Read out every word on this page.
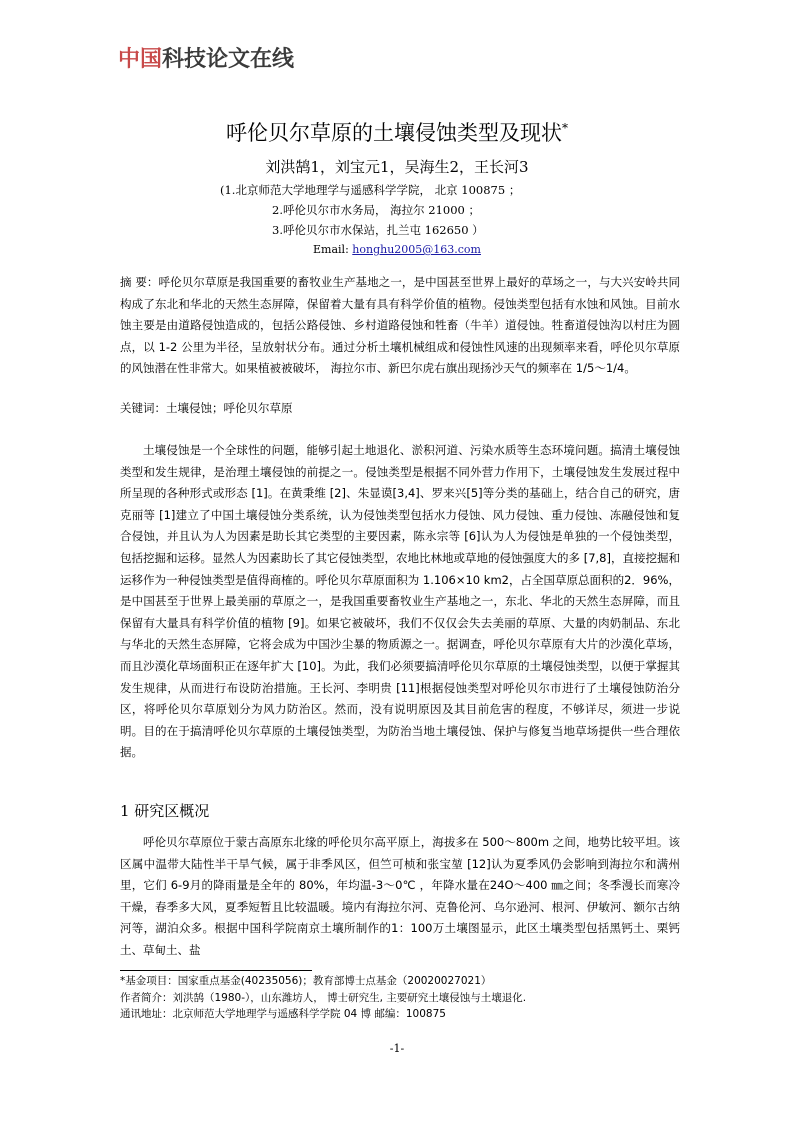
中国科技论文在线
呼伦贝尔草原的土壤侵蚀类型及现状*
刘洪鹄1，刘宝元1，吴海生2，王长河3
(1.北京师范大学地理学与遥感科学学院， 北京 100875 ；
2.呼伦贝尔市水务局， 海拉尔 21000 ；
3.呼伦贝尔市水保站，扎兰屯 162650 ）
Email: honghu2005@163.com

摘 要：呼伦贝尔草原是我国重要的畜牧业生产基地之一，是中国甚至世界上最好的草场之一，与大兴安岭共同构成了东北和华北的天然生态屏障，保留着大量有具有科学价值的植物。侵蚀类型包括有水蚀和风蚀。目前水蚀主要是由道路侵蚀造成的，包括公路侵蚀、乡村道路侵蚀和牲畜（牛羊）道侵蚀。牲畜道侵蚀沟以村庄为圆点，以 1-2 公里为半径，呈放射状分布。通过分析土壤机械组成和侵蚀性风速的出现频率来看，呼伦贝尔草原的风蚀潜在性非常大。如果植被被破坏， 海拉尔市、新巴尔虎右旗出现扬沙天气的频率在 1/5～1/4。

关键词：土壤侵蚀；呼伦贝尔草原

土壤侵蚀是一个全球性的问题，能够引起土地退化、淤积河道、污染水质等生态环境问题。搞清土壤侵蚀类型和发生规律，是治理土壤侵蚀的前提之一。侵蚀类型是根据不同外营力作用下，土壤侵蚀发生发展过程中所呈现的各种形式或形态 [1]。在黄秉维 [2]、朱显谟[3,4]、罗来兴[5]等分类的基础上，结合自己的研究，唐克丽等 [1]建立了中国土壤侵蚀分类系统，认为侵蚀类型包括水力侵蚀、风力侵蚀、重力侵蚀、冻融侵蚀和复合侵蚀，并且认为人为因素是助长其它类型的主要因素，陈永宗等 [6]认为人为侵蚀是单独的一个侵蚀类型，包括挖掘和运移。显然人为因素助长了其它侵蚀类型，农地比林地或草地的侵蚀强度大的多 [7,8]，直接挖掘和运移作为一种侵蚀类型是值得商榷的。呼伦贝尔草原面积为 1.106×10 km2，占全国草原总面积的2．96%，是中国甚至于世界上最美丽的草原之一，是我国重要畜牧业生产基地之一，东北、华北的天然生态屏障，而且保留有大量具有科学价值的植物 [9]。如果它被破坏，我们不仅仅会失去美丽的草原、大量的肉奶制品、东北与华北的天然生态屏障，它将会成为中国沙尘暴的物质源之一。据调查，呼伦贝尔草原有大片的沙漠化草场，而且沙漠化草场面积正在逐年扩大 [10]。为此，我们必须要搞清呼伦贝尔草原的土壤侵蚀类型，以便于掌握其发生规律，从而进行布设防治措施。王长河、李明贵 [11]根据侵蚀类型对呼伦贝尔市进行了土壤侵蚀防治分区，将呼伦贝尔草原划分为风力防治区。然而，没有说明原因及其目前危害的程度，不够详尽，须进一步说明。目的在于搞清呼伦贝尔草原的土壤侵蚀类型，为防治当地土壤侵蚀、保护与修复当地草场提供一些合理依据。

1 研究区概况

呼伦贝尔草原位于蒙古高原东北缘的呼伦贝尔高平原上，海拔多在 500～800m 之间，地势比较平坦。该区属中温带大陆性半干旱气候，属于非季风区，但竺可桢和张宝堃 [12]认为夏季风仍会影响到海拉尔和满州里，它们 6-9月的降雨量是全年的 80%，年均温-3～0℃ ，年降水量在24O～400 ㎜之间；冬季漫长而寒冷干燥，春季多大风，夏季短暂且比较温暖。境内有海拉尔河、克鲁伦河、乌尔逊河、根河、伊敏河、额尔古纳河等，湖泊众多。根据中国科学院南京土壤所制作的1：100万土壤图显示，此区土壤类型包括黑钙土、栗钙土、草甸土、盐

*基金项目：国家重点基金(40235056)；教育部博士点基金（20020027021）
作者简介：刘洪鹄（1980-），山东潍坊人， 博士研究生, 主要研究土壤侵蚀与土壤退化.
通讯地址：北京师范大学地理学与遥感科学学院 04 博 邮编：100875
-1-
